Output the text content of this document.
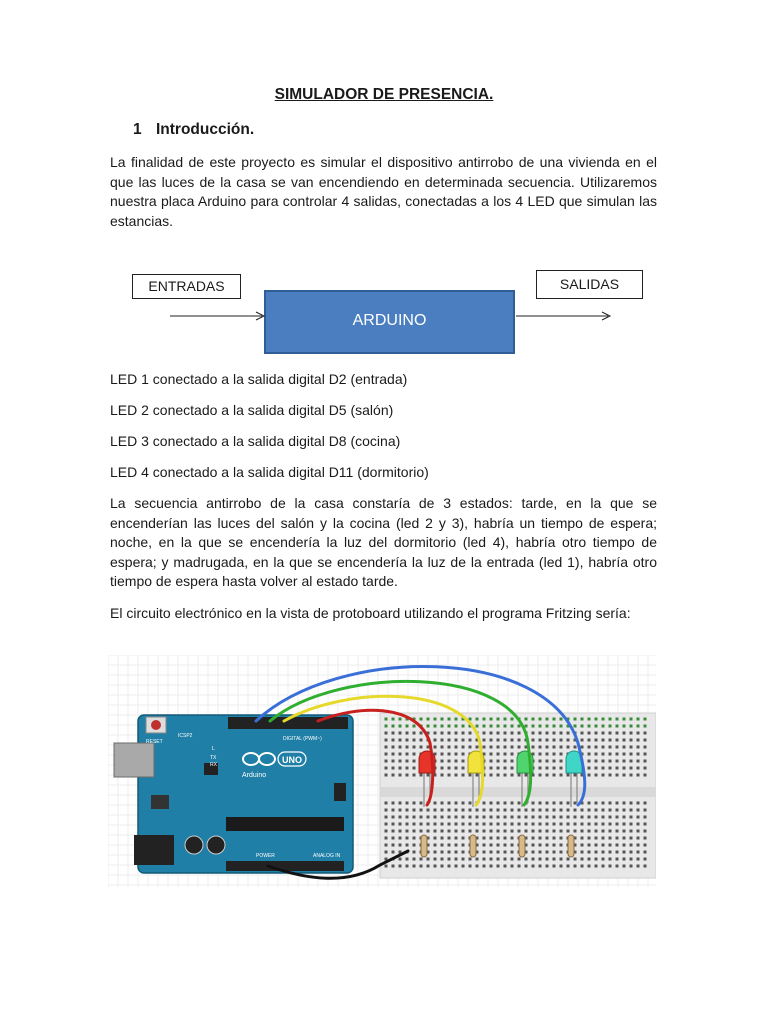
SIMULADOR DE PRESENCIA.
1 Introducción.

La finalidad de este proyecto es simular el dispositivo antirrobo de una vivienda en el que las luces de la casa se van encendiendo en determinada secuencia. Utilizaremos nuestra placa Arduino para controlar 4 salidas, conectadas a los 4 LED que simulan las estancias.

ENTRADAS	SALIDAS
ARDUINO
LED 1 conectado a la salida digital D2 (entrada)
LED 2 conectado a la salida digital D5 (salón)
LED 3 conectado a la salida digital D8 (cocina)
LED 4 conectado a la salida digital D11 (dormitorio)

La secuencia antirrobo de la casa constaría de 3 estados: tarde, en la que se encenderían las luces del salón y la cocina (led 2 y 3), habría un tiempo de espera; noche, en la que se encendería la luz del dormitorio (led 4), habría otro tiempo de espera; y madrugada, en la que se encendería la luz de la entrada (led 1), habría otro tiempo de espera hasta volver al estado tarde.

El circuito electrónico en la vista de protoboard utilizando el programa Fritzing sería:

RESET	DIGITAL (PWM~)
POWER	ANALOG IN
ICSP2
L
TX
RX	UNO
Arduino
